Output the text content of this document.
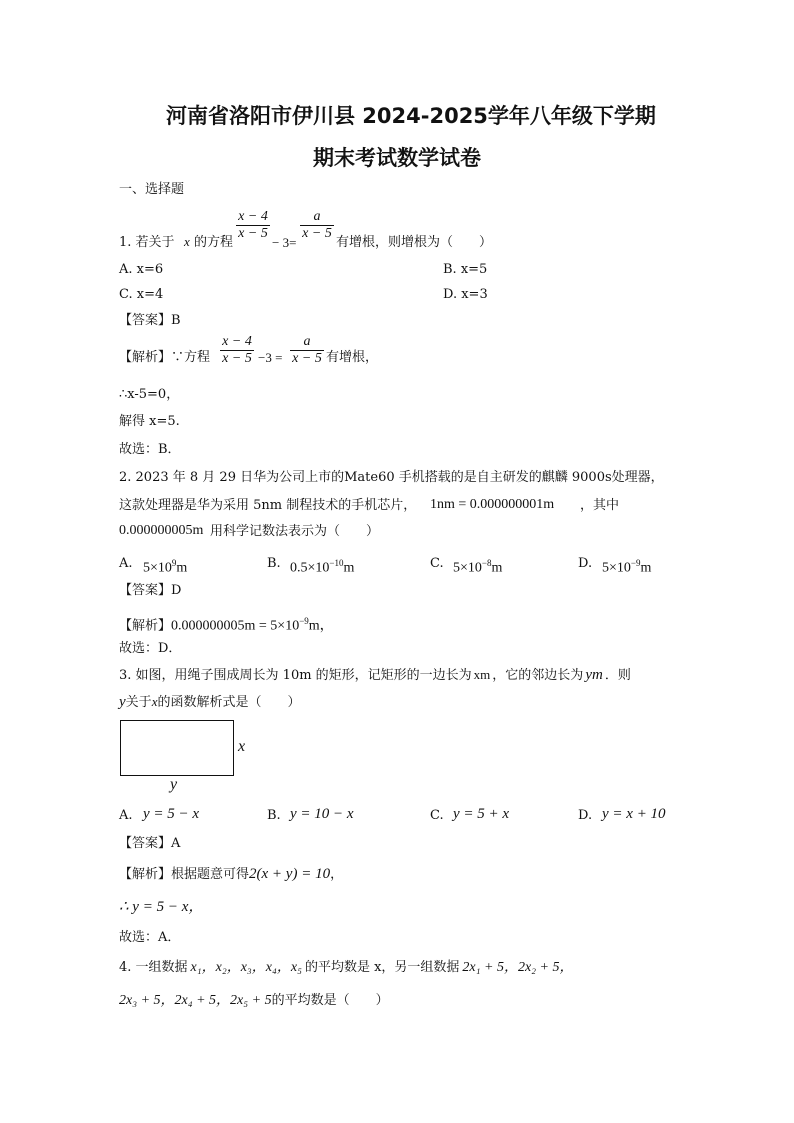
河南省洛阳市伊川县 2024-2025学年八年级下学期
期末考试数学试卷
一、选择题
1. 若关于 x 的方程
x − 4
x − 5
− 3=
a
x − 5
有增根，则增根为（　　）
A. x=6	B. x=5
C. x=4	D. x=3
【答案】B
【解析】∵方程
x − 4
x − 5 −3 =
a
x − 5 有增根，
∴x-5=0，
解得 x=5.
故选：B．
2. 2023 年 8 月 29 日华为公司上市的Mate60 手机搭载的是自主研发的麒麟 9000s处理器，
这款处理器是华为采用 5nm 制程技术的手机芯片， 1nm = 0.000000001m ，其中
0.000000005m 用科学记数法表示为（　　）
A. $5\times 10^9m$	B. $0.5\times 10^{-10}m$	C. $5\times 10^{-8}m$	D. $5\times 10^{-9}m$
【答案】D
【解析】$0.000000005m = 5\times 10^{-9}m$，
故选：D．
3. 如图，用绳子围成周长为 10m 的矩形，记矩形的一边长为 xm ，它的邻边长为 ym ．则
y关于x的函数解析式是（　　）
x
y
A. y = 5 − x	B. y = 10 − x	C. y = 5 + x	D. y = x + 10
【答案】A
【解析】根据题意可得2(x + y) = 10，
∴ y = 5 − x，
故选：A．
4. 一组数据 x₁，x₂，x₃，x₄，x₅ 的平均数是 x，另一组数据 2x₁ + 5，2x₂ + 5，
2x₃ + 5，2x₄ + 5，2x₅ + 5的平均数是（　　）
